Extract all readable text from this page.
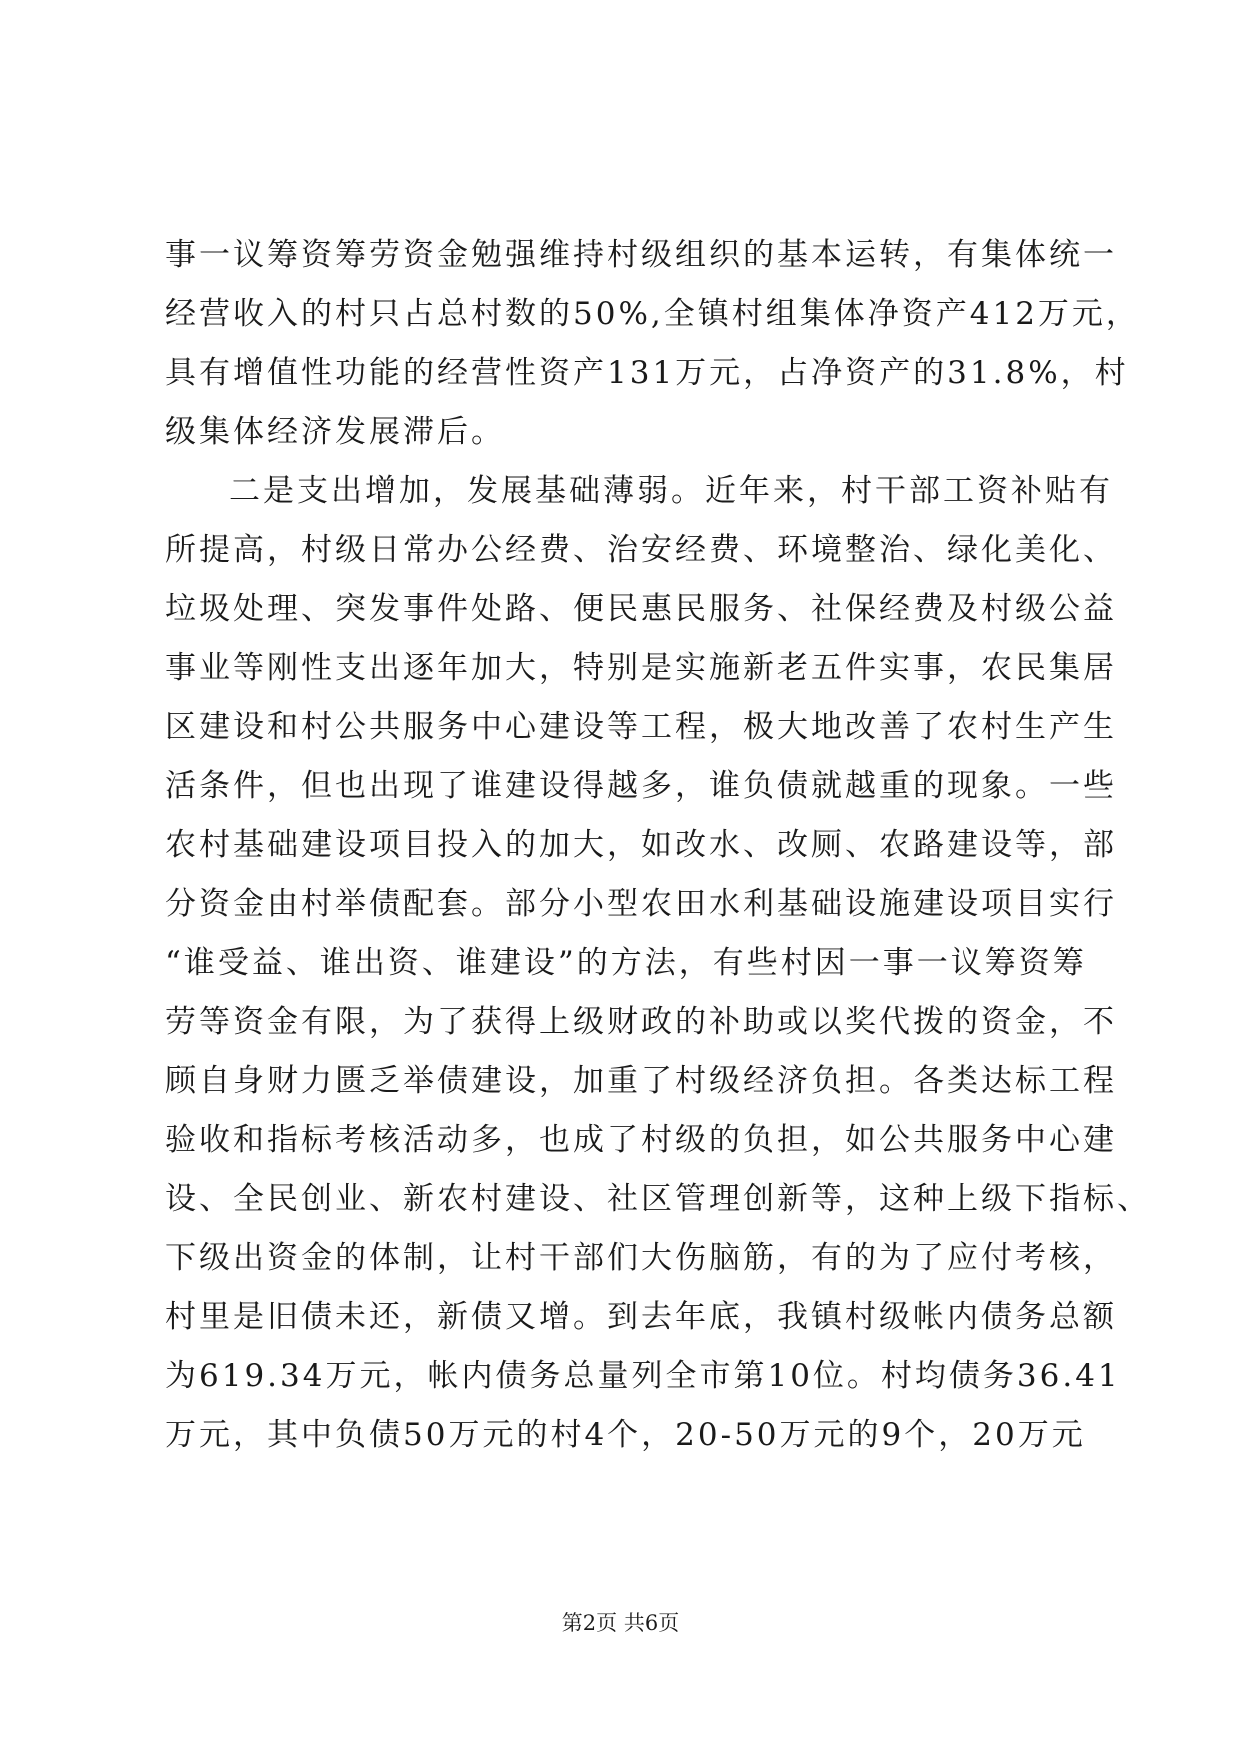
事一议筹资筹劳资金勉强维持村级组织的基本运转，有集体统一
经营收入的村只占总村数的50%,全镇村组集体净资产412万元，
具有增值性功能的经营性资产131万元，占净资产的31.8%，村
级集体经济发展滞后。
二是支出增加，发展基础薄弱。近年来，村干部工资补贴有
所提高，村级日常办公经费、治安经费、环境整治、绿化美化、
垃圾处理、突发事件处路、便民惠民服务、社保经费及村级公益
事业等刚性支出逐年加大，特别是实施新老五件实事，农民集居
区建设和村公共服务中心建设等工程，极大地改善了农村生产生
活条件，但也出现了谁建设得越多，谁负债就越重的现象。一些
农村基础建设项目投入的加大，如改水、改厕、农路建设等，部
分资金由村举债配套。部分小型农田水利基础设施建设项目实行
“谁受益、谁出资、谁建设”的方法，有些村因一事一议筹资筹
劳等资金有限，为了获得上级财政的补助或以奖代拨的资金，不
顾自身财力匮乏举债建设，加重了村级经济负担。各类达标工程
验收和指标考核活动多，也成了村级的负担，如公共服务中心建
设、全民创业、新农村建设、社区管理创新等，这种上级下指标、
下级出资金的体制，让村干部们大伤脑筋，有的为了应付考核，
村里是旧债未还，新债又增。到去年底，我镇村级帐内债务总额
为619.34万元，帐内债务总量列全市第10位。村均债务36.41
万元，其中负债50万元的村4个，20-50万元的9个，20万元
第2页 共6页
